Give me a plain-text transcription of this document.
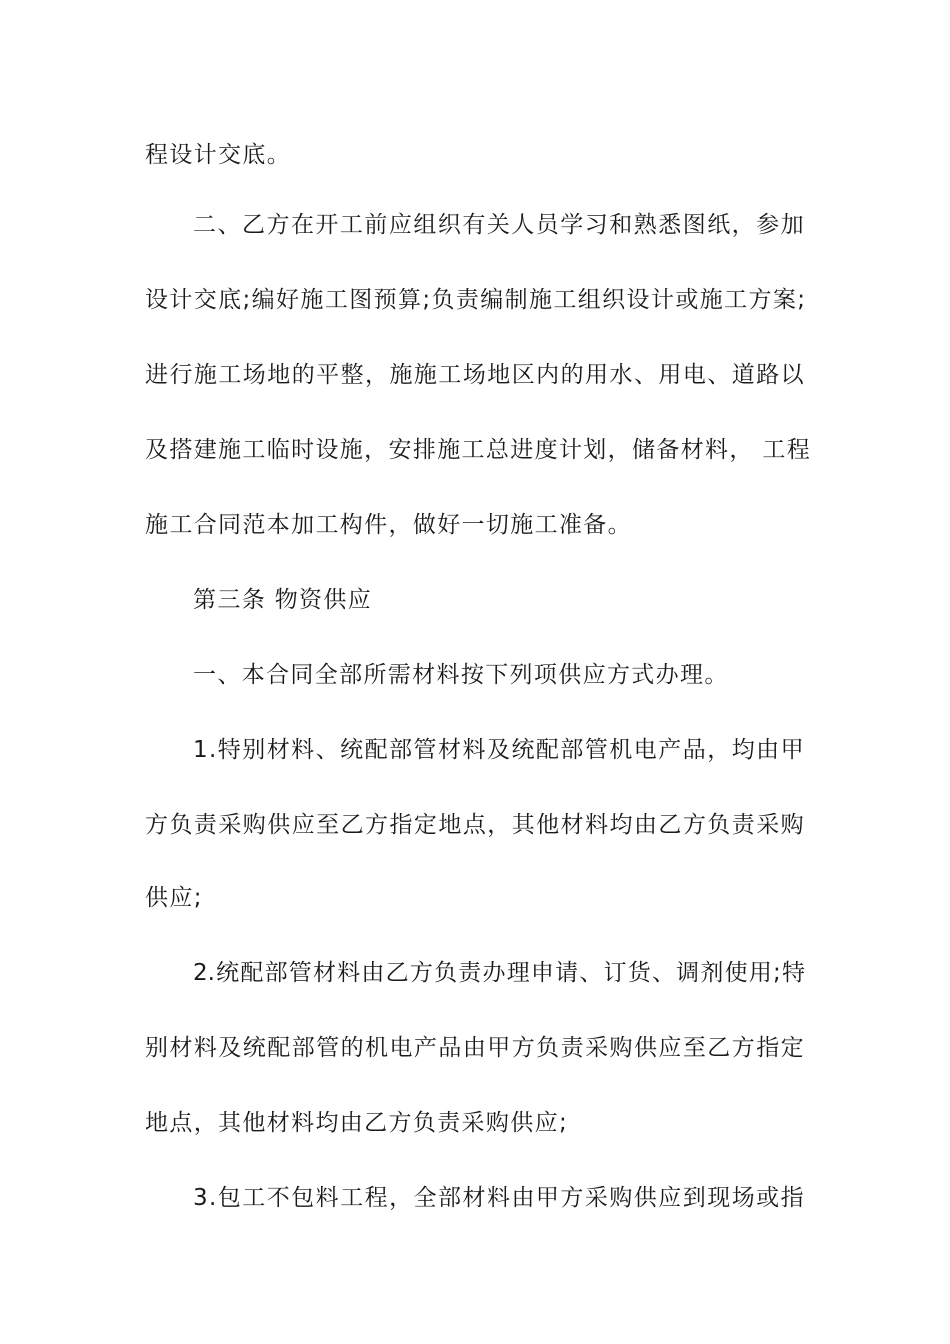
程设计交底。
二、乙方在开工前应组织有关人员学习和熟悉图纸，参加
设计交底;编好施工图预算;负责编制施工组织设计或施工方案;
进行施工场地的平整，施施工场地区内的用水、用电、道路以
及搭建施工临时设施，安排施工总进度计划，储备材料， 工程
施工合同范本加工构件，做好一切施工准备。
第三条 物资供应
一、本合同全部所需材料按下列项供应方式办理。
1.特别材料、统配部管材料及统配部管机电产品，均由甲
方负责采购供应至乙方指定地点，其他材料均由乙方负责采购
供应;
2.统配部管材料由乙方负责办理申请、订货、调剂使用;特
别材料及统配部管的机电产品由甲方负责采购供应至乙方指定
地点，其他材料均由乙方负责采购供应;
3.包工不包料工程，全部材料由甲方采购供应到现场或指
